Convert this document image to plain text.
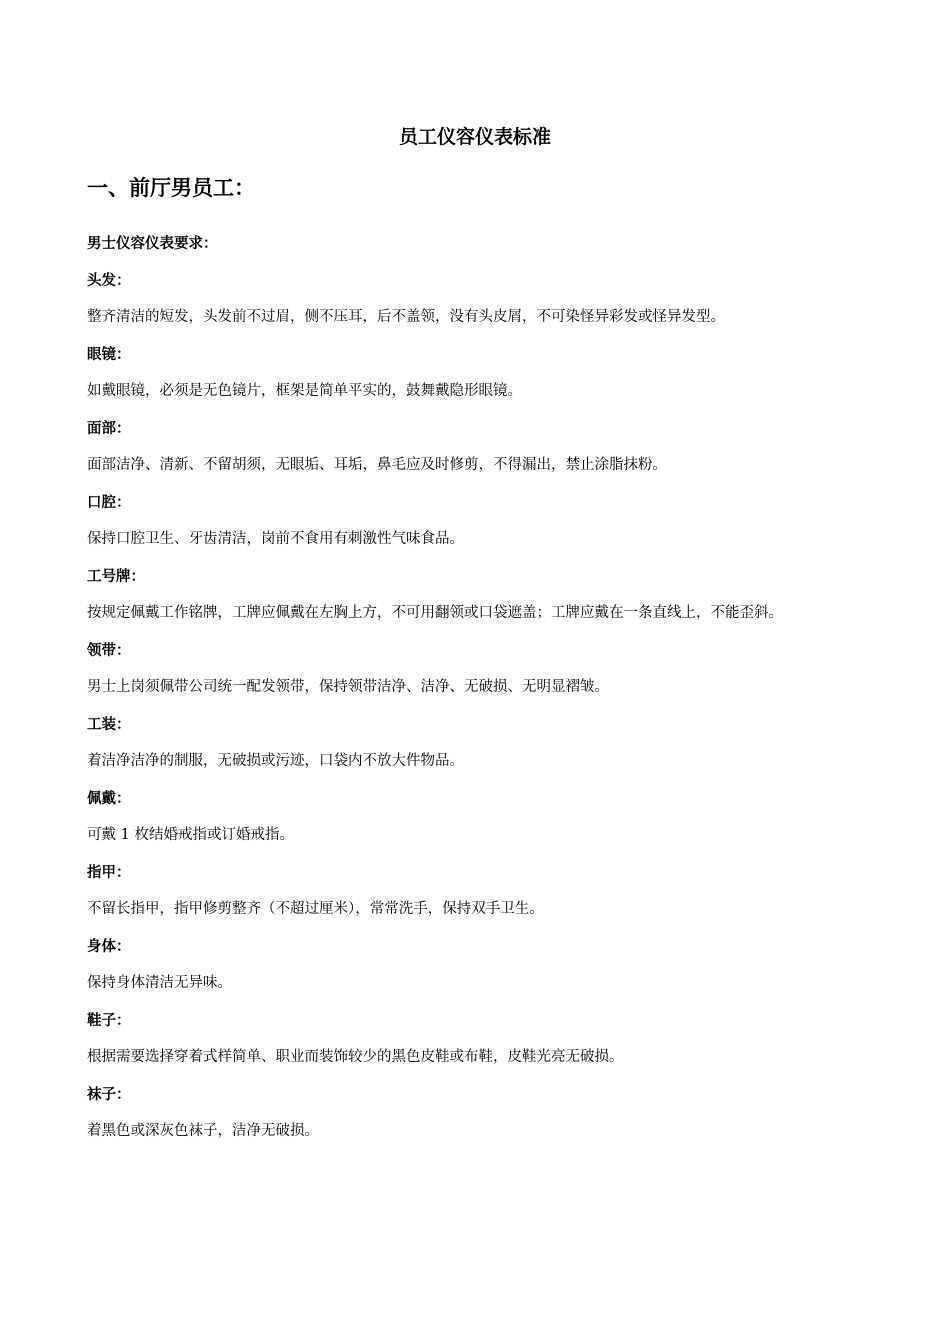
员工仪容仪表标准
一、前厅男员工：

男士仪容仪表要求：

头发：

整齐清洁的短发，头发前不过眉，侧不压耳，后不盖领，没有头皮屑，不可染怪异彩发或怪异发型。

眼镜：

如戴眼镜，必须是无色镜片，框架是简单平实的，鼓舞戴隐形眼镜。

面部：

面部洁净、清新、不留胡须，无眼垢、耳垢，鼻毛应及时修剪，不得漏出，禁止涂脂抹粉。

口腔：

保持口腔卫生、牙齿清洁，岗前不食用有刺激性气味食品。

工号牌：

按规定佩戴工作铭牌，工牌应佩戴在左胸上方，不可用翻领或口袋遮盖；工牌应戴在一条直线上，不能歪斜。

领带：

男士上岗须佩带公司统一配发领带，保持领带洁净、洁净、无破损、无明显褶皱。

工装：

着洁净洁净的制服，无破损或污迹，口袋内不放大件物品。

佩戴：

可戴 1 枚结婚戒指或订婚戒指。

指甲：

不留长指甲，指甲修剪整齐（不超过厘米），常常洗手，保持双手卫生。

身体：

保持身体清洁无异味。

鞋子：

根据需要选择穿着式样简单、职业而装饰较少的黑色皮鞋或布鞋，皮鞋光亮无破损。

袜子：

着黑色或深灰色袜子，洁净无破损。
